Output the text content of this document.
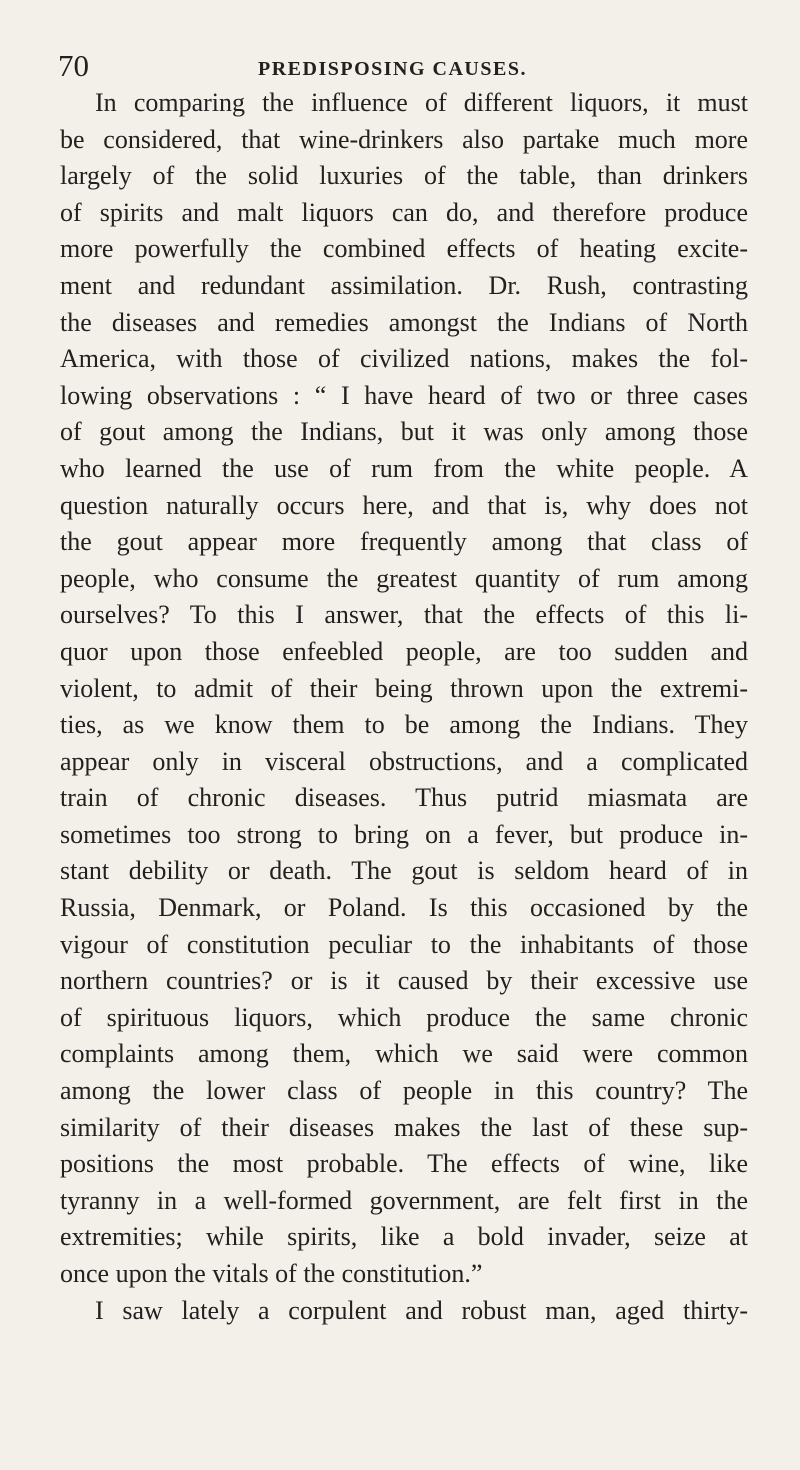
70	PREDISPOSING CAUSES.
In comparing the influence of different liquors, it must
be considered, that wine-drinkers also partake much more
largely of the solid luxuries of the table, than drinkers
of spirits and malt liquors can do, and therefore produce
more powerfully the combined effects of heating excite-
ment and redundant assimilation. Dr. Rush, contrasting
the diseases and remedies amongst the Indians of North
America, with those of civilized nations, makes the fol-
lowing observations : “ I have heard of two or three cases
of gout among the Indians, but it was only among those
who learned the use of rum from the white people. A
question naturally occurs here, and that is, why does not
the gout appear more frequently among that class of
people, who consume the greatest quantity of rum among
ourselves? To this I answer, that the effects of this li-
quor upon those enfeebled people, are too sudden and
violent, to admit of their being thrown upon the extremi-
ties, as we know them to be among the Indians. They
appear only in visceral obstructions, and a complicated
train of chronic diseases. Thus putrid miasmata are
sometimes too strong to bring on a fever, but produce in-
stant debility or death. The gout is seldom heard of in
Russia, Denmark, or Poland. Is this occasioned by the
vigour of constitution peculiar to the inhabitants of those
northern countries? or is it caused by their excessive use
of spirituous liquors, which produce the same chronic
complaints among them, which we said were common
among the lower class of people in this country? The
similarity of their diseases makes the last of these sup-
positions the most probable. The effects of wine, like
tyranny in a well-formed government, are felt first in the
extremities; while spirits, like a bold invader, seize at
once upon the vitals of the constitution.”
I saw lately a corpulent and robust man, aged thirty-
